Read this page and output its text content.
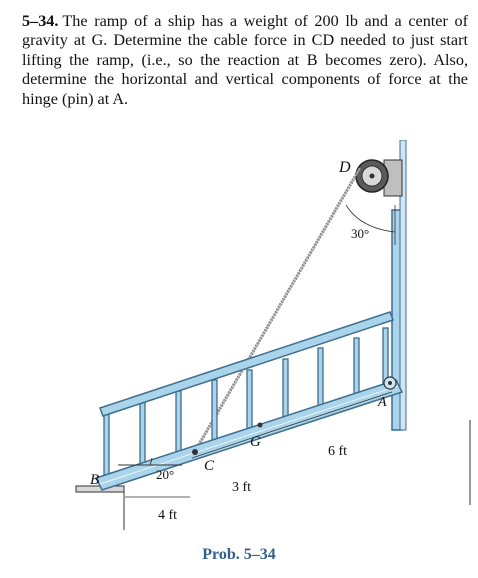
5–34. The ramp of a ship has a weight of 200 lb and a center of gravity at G. Determine the cable force in CD needed to just start lifting the ramp, (i.e., so the reaction at B becomes zero). Also, determine the horizontal and vertical components of force at the hinge (pin) at A.
D
A
B
C
G
30°
20°
6 ft
3 ft
4 ft
Prob. 5–34
